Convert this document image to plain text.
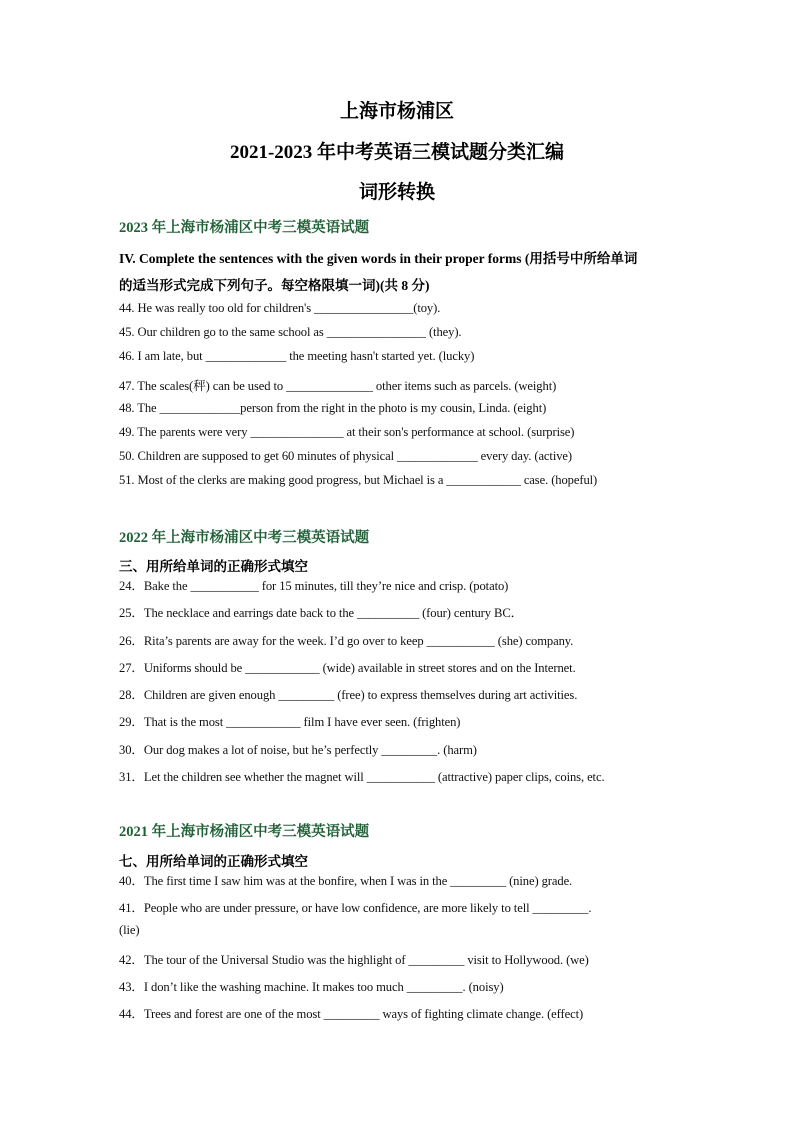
上海市杨浦区
2021-2023 年中考英语三模试题分类汇编
词形转换
2023 年上海市杨浦区中考三模英语试题
IV. Complete the sentences with the given words in their proper forms (用括号中所给单词
的适当形式完成下列句子。每空格限填一词)(共 8 分)
44. He was really too old for children's ________________(toy).
45. Our children go to the same school as ________________ (they).
46. I am late, but _____________ the meeting hasn't started yet. (lucky)
47. The scales(秤) can be used to ______________ other items such as parcels. (weight)
48. The _____________person from the right in the photo is my cousin, Linda. (eight)
49. The parents were very _______________ at their son's performance at school. (surprise)
50. Children are supposed to get 60 minutes of physical _____________ every day. (active)
51. Most of the clerks are making good progress, but Michael is a ____________ case. (hopeful)
2022 年上海市杨浦区中考三模英语试题
三、用所给单词的正确形式填空
24．Bake the ___________ for 15 minutes, till they’re nice and crisp. (potato)
25．The necklace and earrings date back to the __________ (four) century BC．
26．Rita’s parents are away for the week. I’d go over to keep ___________ (she) company.
27．Uniforms should be ____________ (wide) available in street stores and on the Internet.
28．Children are given enough _________ (free) to express themselves during art activities.
29．That is the most ____________ film I have ever seen. (frighten)
30．Our dog makes a lot of noise, but he’s perfectly _________. (harm)
31．Let the children see whether the magnet will ___________ (attractive) paper clips, coins, etc.
2021 年上海市杨浦区中考三模英语试题
七、用所给单词的正确形式填空
40．The first time I saw him was at the bonfire, when I was in the _________ (nine) grade.
41．People who are under pressure, or have low confidence, are more likely to tell _________.
(lie)
42．The tour of the Universal Studio was the highlight of _________ visit to Hollywood. (we)
43．I don’t like the washing machine. It makes too much _________. (noisy)
44．Trees and forest are one of the most _________ ways of fighting climate change. (effect)
